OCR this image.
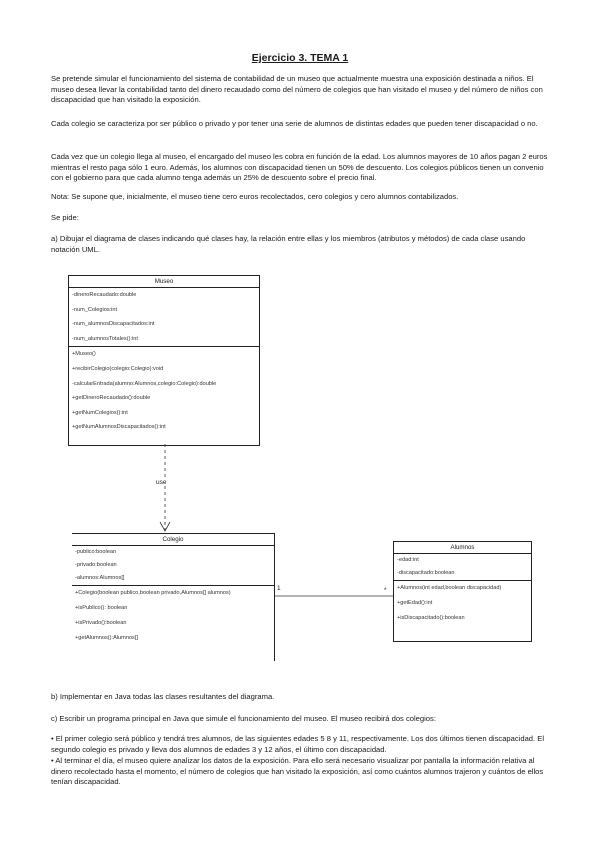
Ejercicio 3. TEMA 1

Se pretende simular el funcionamiento del sistema de contabilidad de un museo que actualmente muestra una exposición destinada a niños. El museo desea llevar la contabilidad tanto del dinero recaudado como del número de colegios que han visitado el museo y del número de niños con discapacidad que han visitado la exposición.

Cada colegio se caracteriza por ser público o privado y por tener una serie de alumnos de distintas edades que pueden tener discapacidad o no.

Cada vez que un colegio llega al museo, el encargado del museo les cobra en función de la edad. Los alumnos mayores de 10 años pagan 2 euros mientras el resto paga sólo 1 euro. Además, los alumnos con discapacidad tienen un 50% de descuento. Los colegios públicos tienen un convenio con el gobierno para que cada alumno tenga además un 25% de descuento sobre el precio final.

Nota: Se supone que, inicialmente, el museo tiene cero euros recolectados, cero colegios y cero alumnos contabilizados.

Se pide:

a) Dibujar el diagrama de clases indicando qué clases hay, la relación entre ellas y los miembros (atributos y métodos) de cada clase usando notación UML.

Museo
-dineroRecaudado:double
-num_Colegios:int
-num_alumnosDiscapacitados:int
-num_alumnosTotales():int
+Museo()
+recibirColegio(colegio:Colegio):void
-calcularEntrada(alumno:Alumnos,colegio:Colegio):double
+getDineroRecaudado():double
+getNumColegios():int
+getNumAlumnosDiscapacitados():int
use
1	*
Colegio
-publico:boolean
-privado:boolean
-alumnos:Alumnos[]
+Colegio(boolean publico,boolean privado,Alumnos[] alumnos)
+isPublico(): boolean
+isPrivado():boolean
+getAlumnos():Alumnos[]
Alumnos
-edad:int
-discapacitado:boolean
+Alumnos(int edad,boolean discapacidad)
+getEdad():int
+isDiscapacitado():boolean

b) Implementar en Java todas las clases resultantes del diagrama.

c) Escribir un programa principal en Java que simule el funcionamiento del museo. El museo recibirá dos colegios:

• El primer colegio será público y tendrá tres alumnos, de las siguientes edades 5 8 y 11, respectivamente. Los dos últimos tienen discapacidad. El segundo colegio es privado y lleva dos alumnos de edades 3 y 12 años, el último con discapacidad.

• Al terminar el día, el museo quiere analizar los datos de la exposición. Para ello será necesario visualizar por pantalla la información relativa al dinero recolectado hasta el momento, el número de colegios que han visitado la exposición, así como cuántos alumnos trajeron y cuántos de ellos tenían discapacidad.
